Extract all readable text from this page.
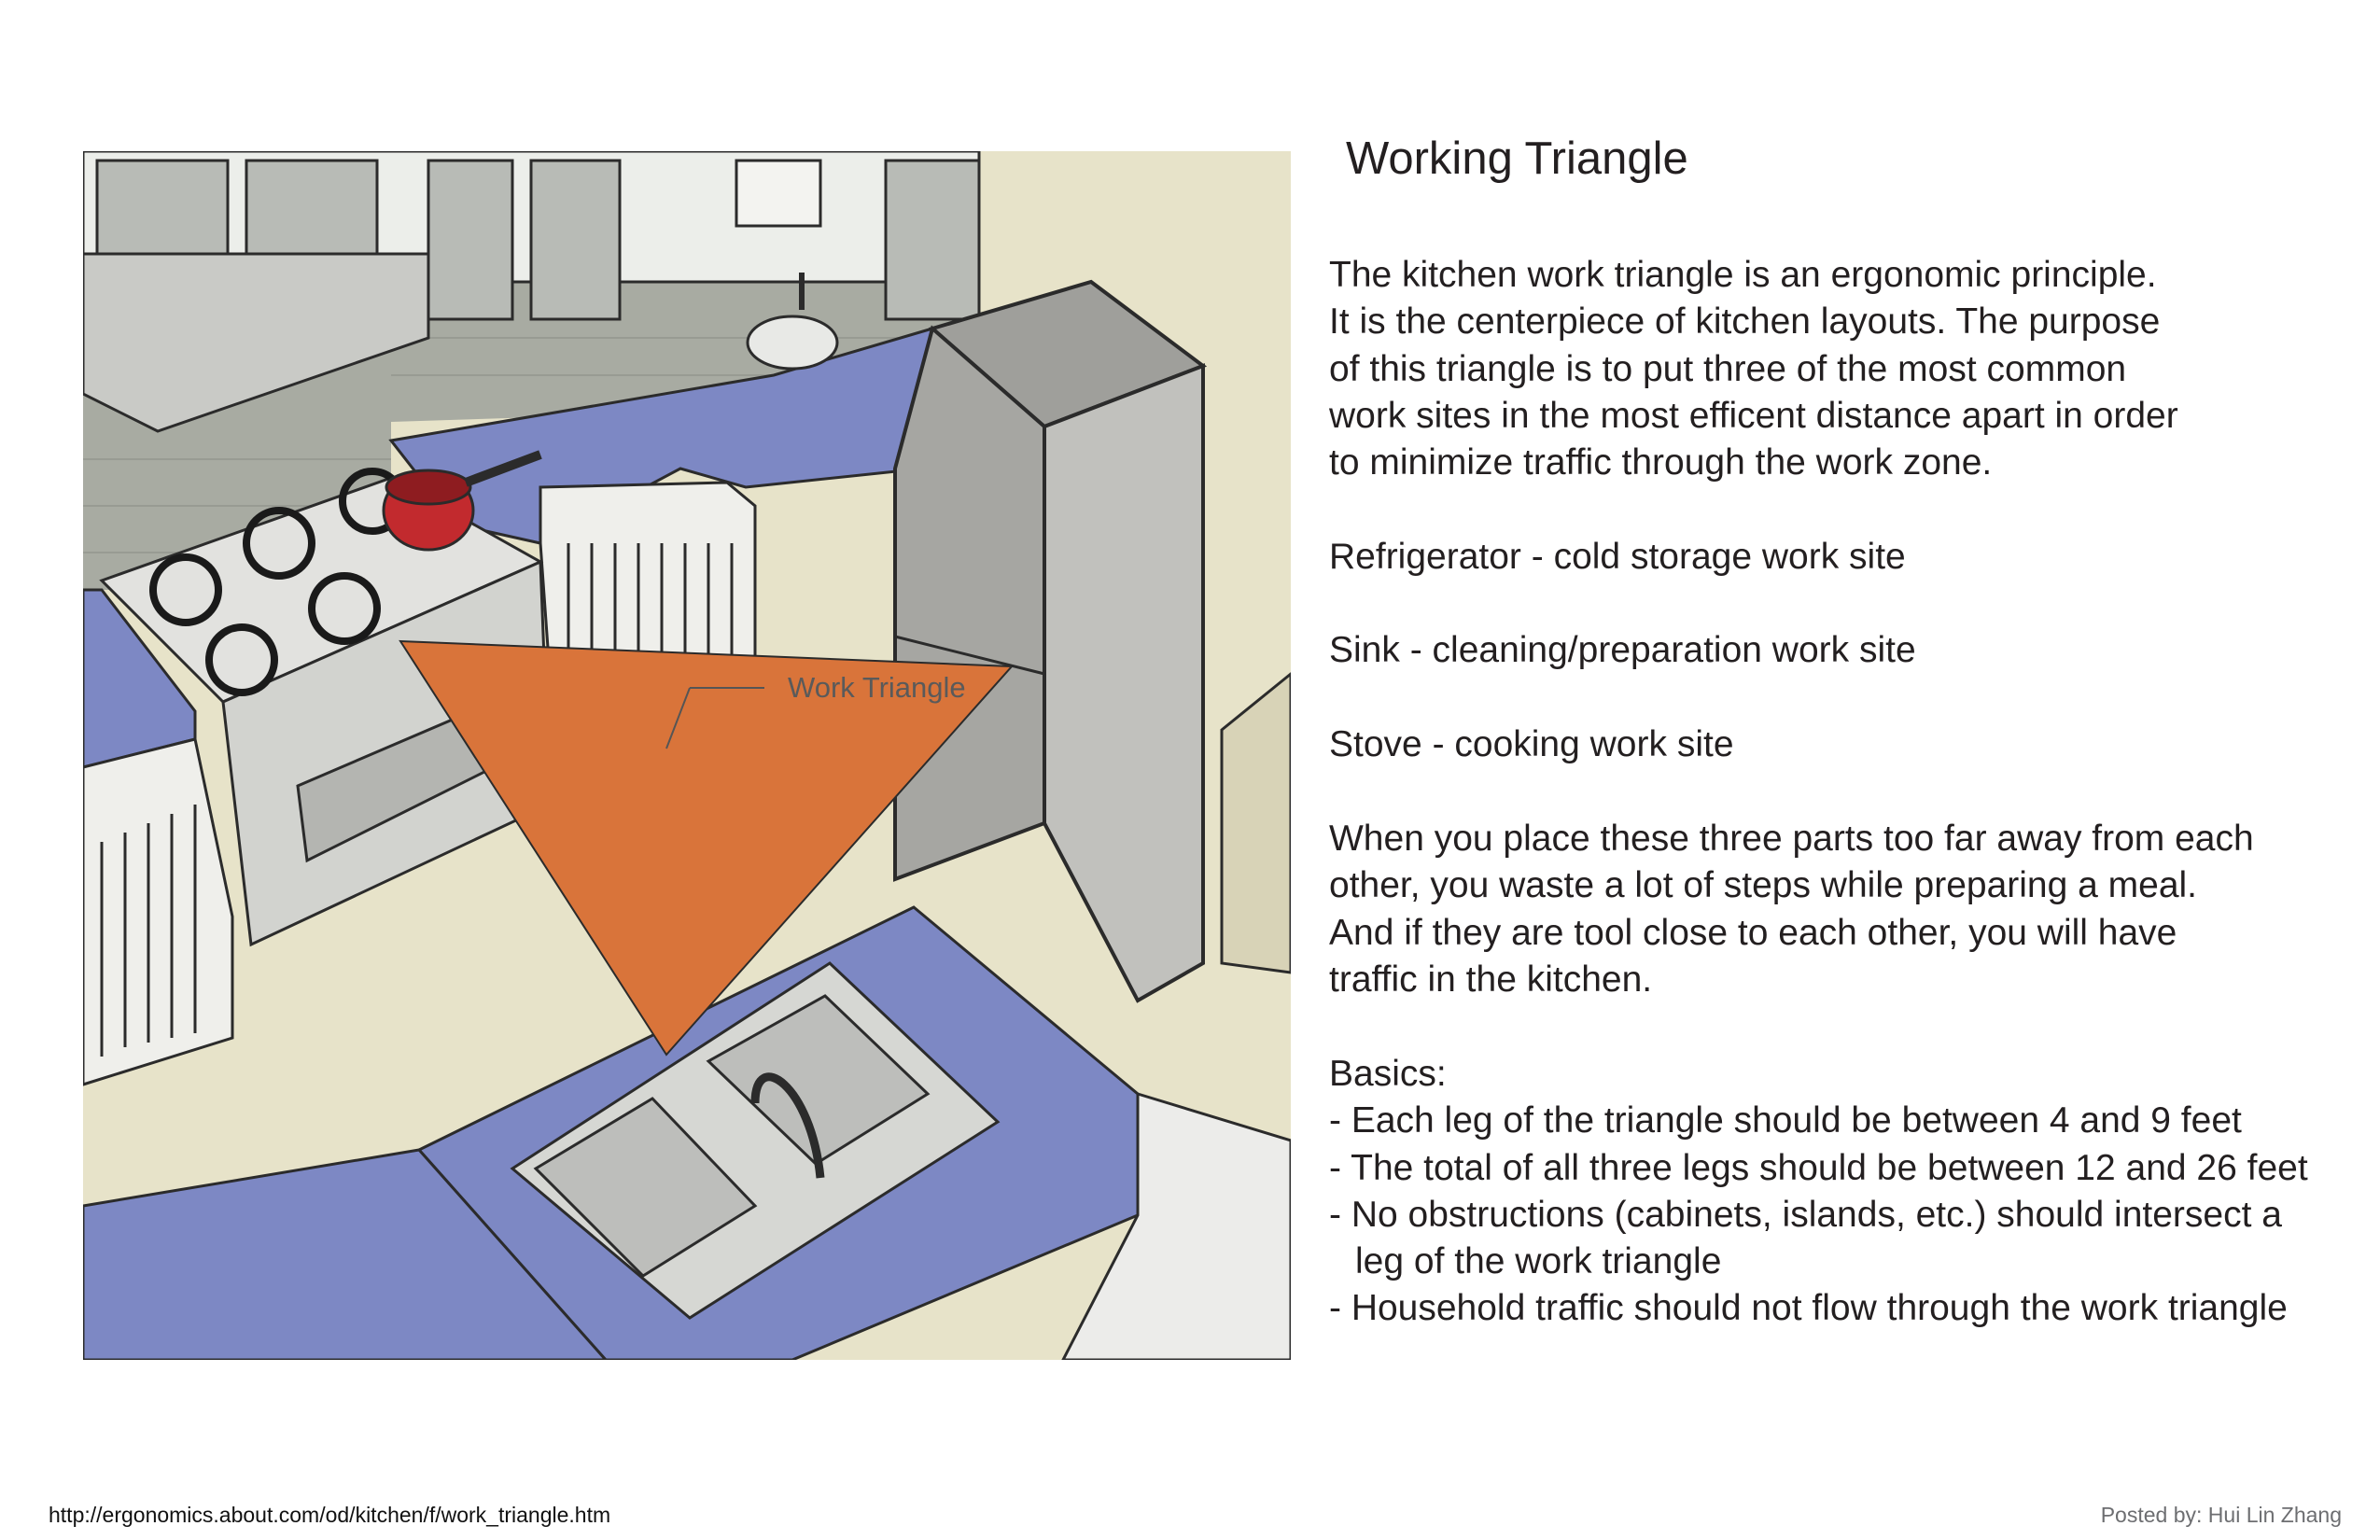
Work Triangle
Working Triangle
The kitchen work triangle is an ergonomic principle.
It is the centerpiece of kitchen layouts. The purpose
of this triangle is to put three of the most common
work sites in the most efficent distance apart in order
to minimize traffic through the work zone.
Refrigerator - cold storage work site
Sink - cleaning/preparation work site
Stove - cooking work site
When you place these three parts too far away from each
other, you waste a lot of steps while preparing a meal.
And if they are tool close to each other, you will have
traffic in the kitchen.
Basics:
- Each leg of the triangle should be between 4 and 9 feet
- The total of all three legs should be between 12 and 26 feet
- No obstructions (cabinets, islands, etc.) should intersect a
leg of the work triangle
- Household traffic should not flow through the work triangle
http://ergonomics.about.com/od/kitchen/f/work_triangle.htm	Posted by: Hui Lin Zhang
